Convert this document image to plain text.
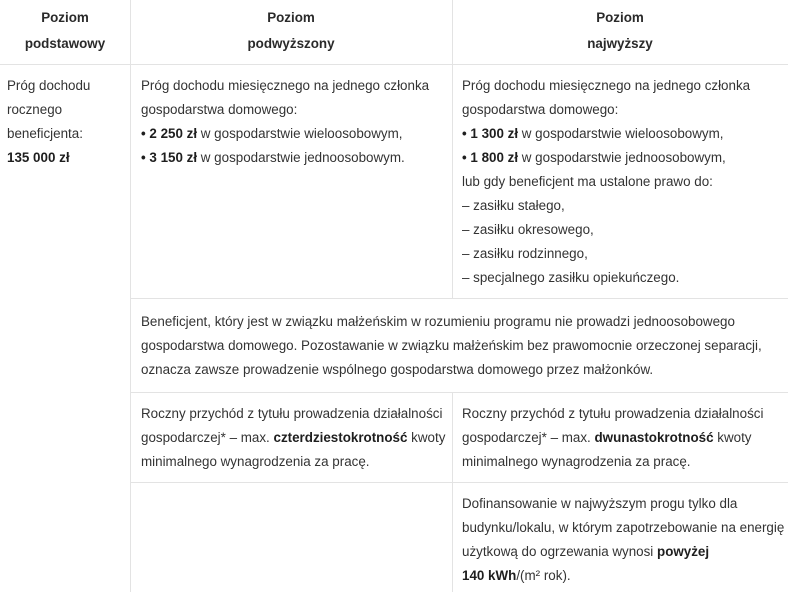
Poziom
podstawowy
Poziom
podwyższony
Poziom
najwyższy
Próg dochodu
rocznego
beneficjenta:
135 000 zł
Próg dochodu miesięcznego na jednego członka
gospodarstwa domowego:
• 2 250 zł w gospodarstwie wieloosobowym,
• 3 150 zł w gospodarstwie jednoosobowym.
Próg dochodu miesięcznego na jednego członka
gospodarstwa domowego:
• 1 300 zł w gospodarstwie wieloosobowym,
• 1 800 zł w gospodarstwie jednoosobowym,
lub gdy beneficjent ma ustalone prawo do:
– zasiłku stałego,
– zasiłku okresowego,
– zasiłku rodzinnego,
– specjalnego zasiłku opiekuńczego.
Beneficjent, który jest w związku małżeńskim w rozumieniu programu nie prowadzi jednoosobowego
gospodarstwa domowego. Pozostawanie w związku małżeńskim bez prawomocnie orzeczonej separacji,
oznacza zawsze prowadzenie wspólnego gospodarstwa domowego przez małżonków.
Roczny przychód z tytułu prowadzenia działalności
gospodarczej* – max. czterdziestokrotność kwoty
minimalnego wynagrodzenia za pracę.
Roczny przychód z tytułu prowadzenia działalności
gospodarczej* – max. dwunastokrotność kwoty
minimalnego wynagrodzenia za pracę.
Dofinansowanie w najwyższym progu tylko dla
budynku/lokalu, w którym zapotrzebowanie na energię
użytkową do ogrzewania wynosi powyżej
140 kWh/(m² rok).
